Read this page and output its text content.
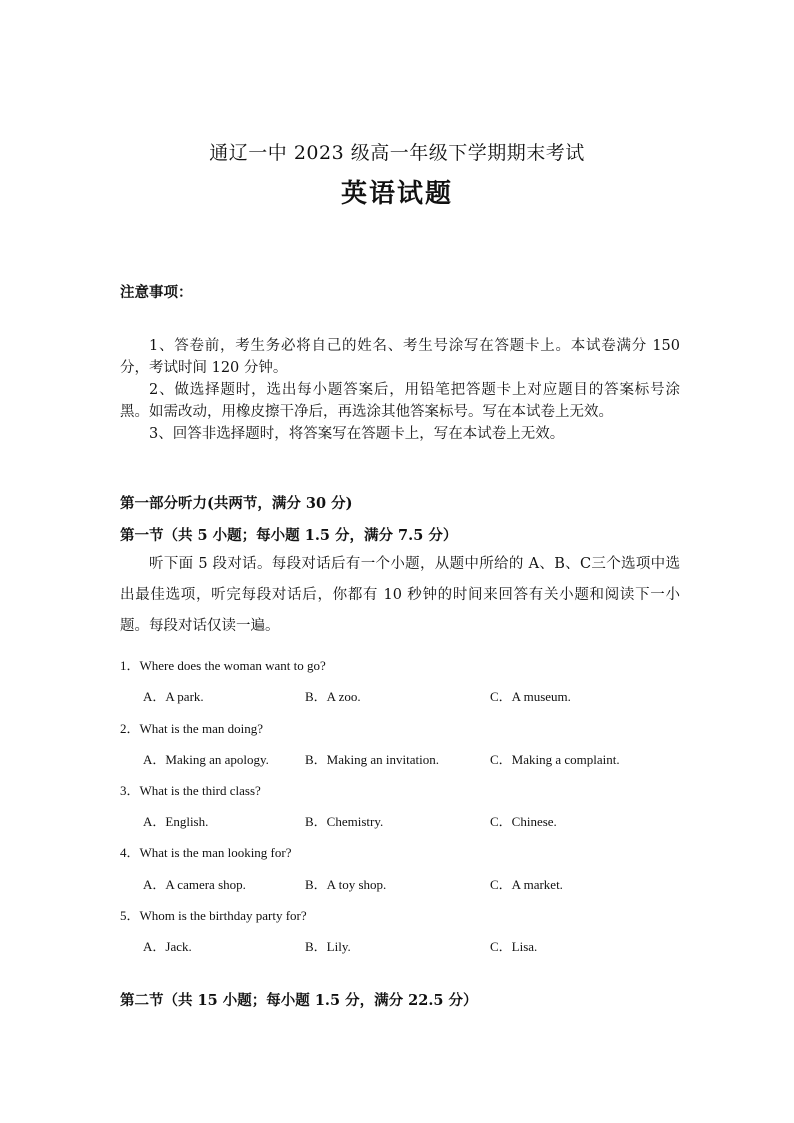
通辽一中 2023 级高一年级下学期期末考试
英语试题
注意事项：

1、答卷前，考生务必将自己的姓名、考生号涂写在答题卡上。本试卷满分 150 分，考试时间 120 分钟。

2、做选择题时，选出每小题答案后，用铅笔把答题卡上对应题目的答案标号涂黑。如需改动，用橡皮擦干净后，再选涂其他答案标号。写在本试卷上无效。

3、回答非选择题时，将答案写在答题卡上，写在本试卷上无效。

第一部分听力(共两节，满分 30 分)
第一节（共 5 小题；每小题 1.5 分，满分 7.5 分）
听下面 5 段对话。每段对话后有一个小题，从题中所给的 A、B、C三个选项中选出最佳选项，听完每段对话后，你都有 10 秒钟的时间来回答有关小题和阅读下一小题。每段对话仅读一遍。
1．Where does the woman want to go?
A．A park.	B．A zoo.	C．A museum.
2．What is the man doing?
A．Making an apology.	B．Making an invitation.	C．Making a complaint.
3．What is the third class?
A．English.	B．Chemistry.	C．Chinese.
4．What is the man looking for?
A．A camera shop.	B．A toy shop.	C．A market.
5．Whom is the birthday party for?
A．Jack.	B．Lily.	C．Lisa.
第二节（共 15 小题；每小题 1.5 分，满分 22.5 分）
